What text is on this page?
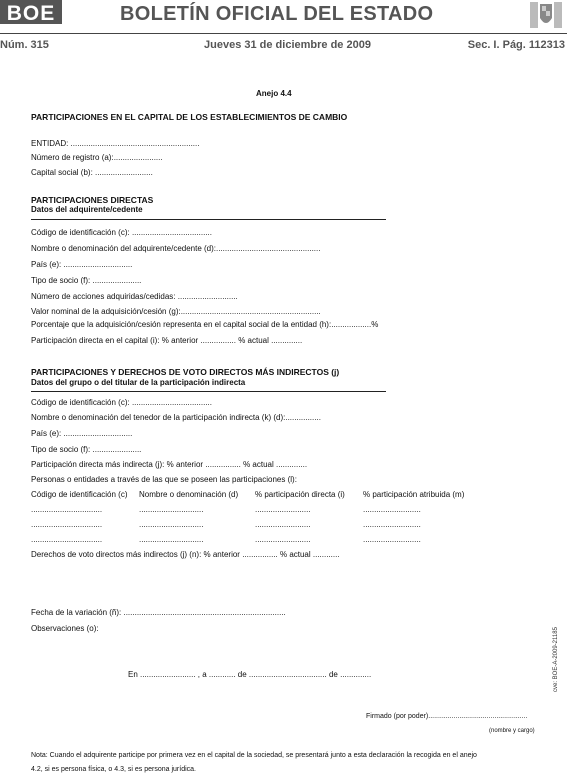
BOE	BOLETÍN OFICIAL DEL ESTADO
Núm. 315	Jueves 31 de diciembre de 2009	Sec. I. Pág. 112313
Anejo 4.4
PARTICIPACIONES EN EL CAPITAL DE LOS ESTABLECIMIENTOS DE CAMBIO
ENTIDAD: ..........................................................
Número de registro (a):......................
Capital social (b): ..........................
PARTICIPACIONES DIRECTAS
Datos del adquirente/cedente
Código de identificación (c): ....................................
Nombre o denominación del adquirente/cedente (d):...............................................
País (e): ...............................
Tipo de socio (f): ......................
Número de acciones adquiridas/cedidas: ...........................
Valor nominal de la adquisición/cesión (g):...............................................................
Porcentaje que la adquisición/cesión representa en el capital social de la entidad (h):..................%
Participación directa en el capital (i): % anterior ................ % actual ..............
PARTICIPACIONES Y DERECHOS DE VOTO DIRECTOS MÁS INDIRECTOS (j)
Datos del grupo o del titular de la participación indirecta
Código de identificación (c): ....................................
Nombre o denominación del tenedor de la participación indirecta (k) (d):................
País (e): ...............................
Tipo de socio (f): ......................
Participación directa más indirecta (j): % anterior ................ % actual ..............
Personas o entidades a través de las que se poseen las participaciones (l):
Código de identificación (c) Nombre o denominación (d) % participación directa (i) % participación atribuida (m)
................................	.............................	.........................	..........................
................................	.............................	.........................	..........................
................................	.............................	.........................	..........................
Derechos de voto directos más indirectos (j) (n): % anterior ................ % actual ............
Fecha de la variación (ñ): .........................................................................
Observaciones (o):
En ......................... , a ............ de ................................... de ..............
Firmado (por poder)...................................................
(nombre y cargo)
Nota: Cuando el adquirente participe por primera vez en el capital de la sociedad, se presentará junto a esta declaración la recogida en el anejo
4.2, si es persona física, o 4.3, si es persona jurídica.
cve: BOE-A-2009-21185
